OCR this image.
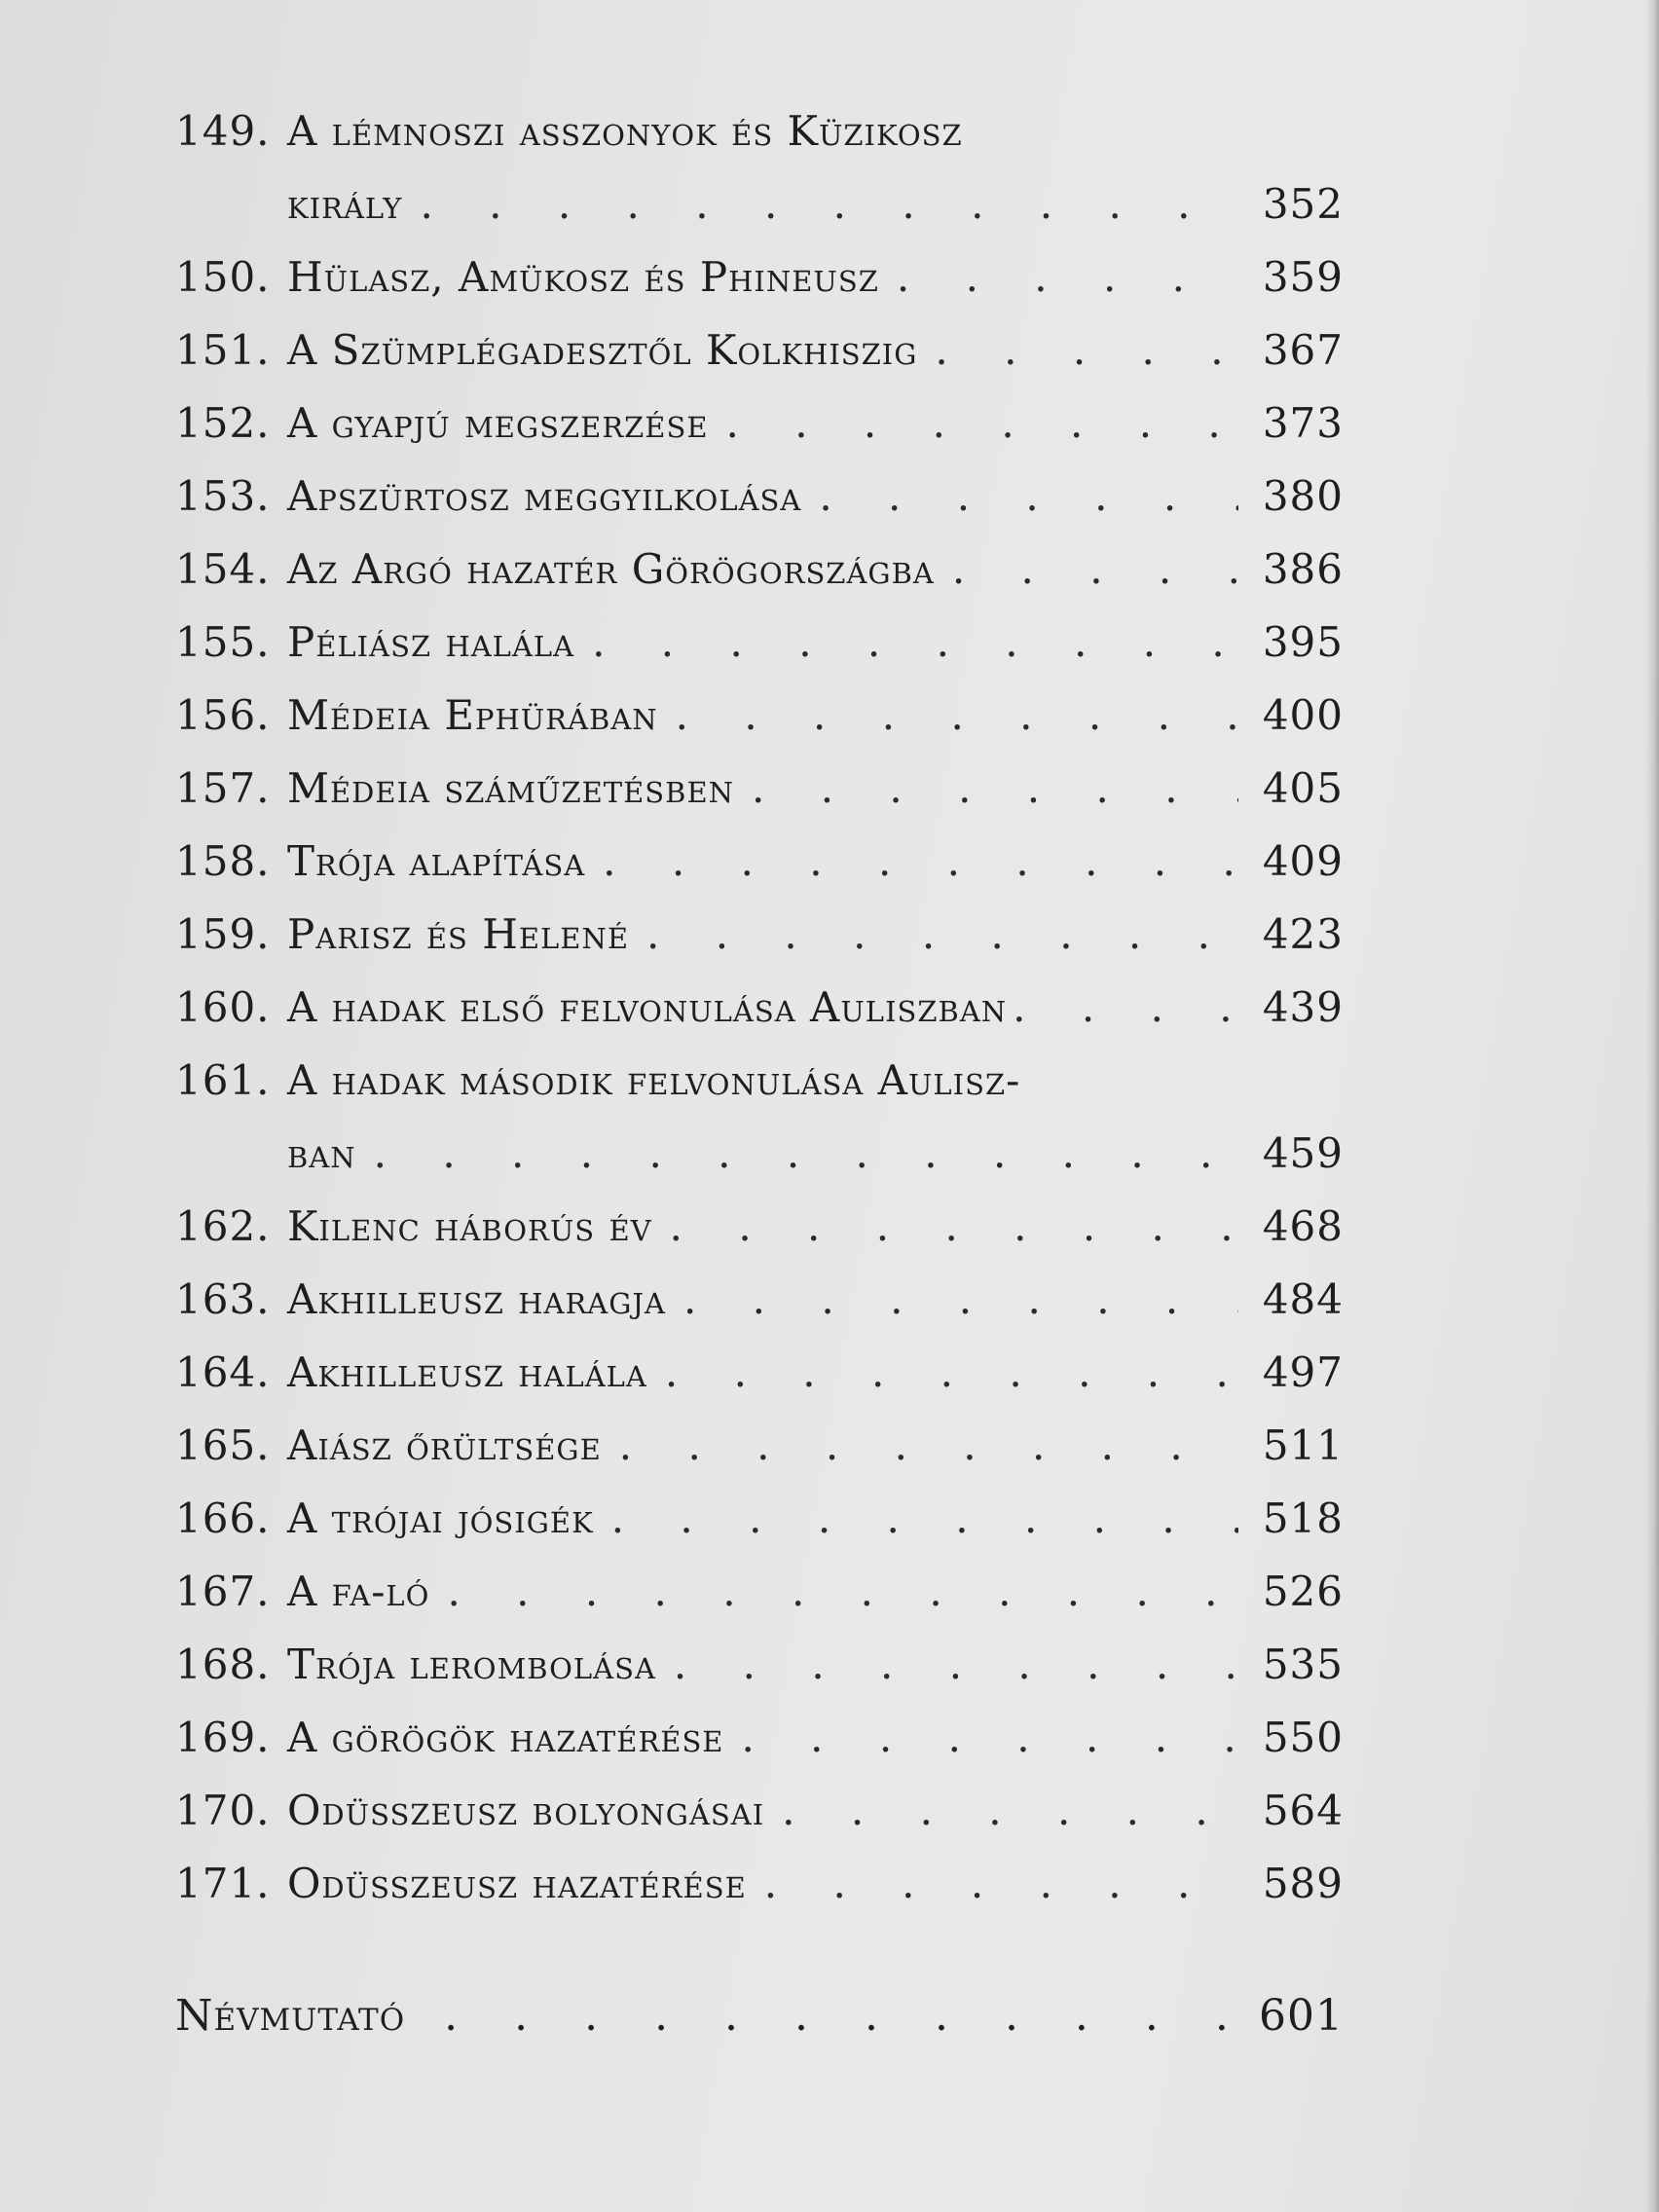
149. A lémnoszi asszonyok és Küzikosz
király . . .	352
150. Hülasz, Amükosz és Phineusz . . .	359
151. A Szümplégadesztől Kolkhiszig . . .	367
152. A gyapjú megszerzése . . .	373
153. Apszürtosz meggyilkolása . . .	380
154. Az Argó hazatér Görögországba . . .	386
155. Péliász halála . . .	395
156. Médeia Ephürában . . .	400
157. Médeia száműzetésben . . .	405
158. Trója alapítása . . .	409
159. Parisz és Helené . . .	423
160. A hadak első felvonulása Auliszban . . .	439
161. A hadak második felvonulása Aulisz-
ban . . .	459
162. Kilenc háborús év . . .	468
163. Akhilleusz haragja . . .	484
164. Akhilleusz halála . . .	497
165. Aiász őrültsége . . .	511
166. A trójai jósigék . . .	518
167. A fa-ló . . .	526
168. Trója lerombolása . . .	535
169. A görögök hazatérése . . .	550
170. Odüsszeusz bolyongásai . . .	564
171. Odüsszeusz hazatérése . . .	589
Névmutató . . .	601
